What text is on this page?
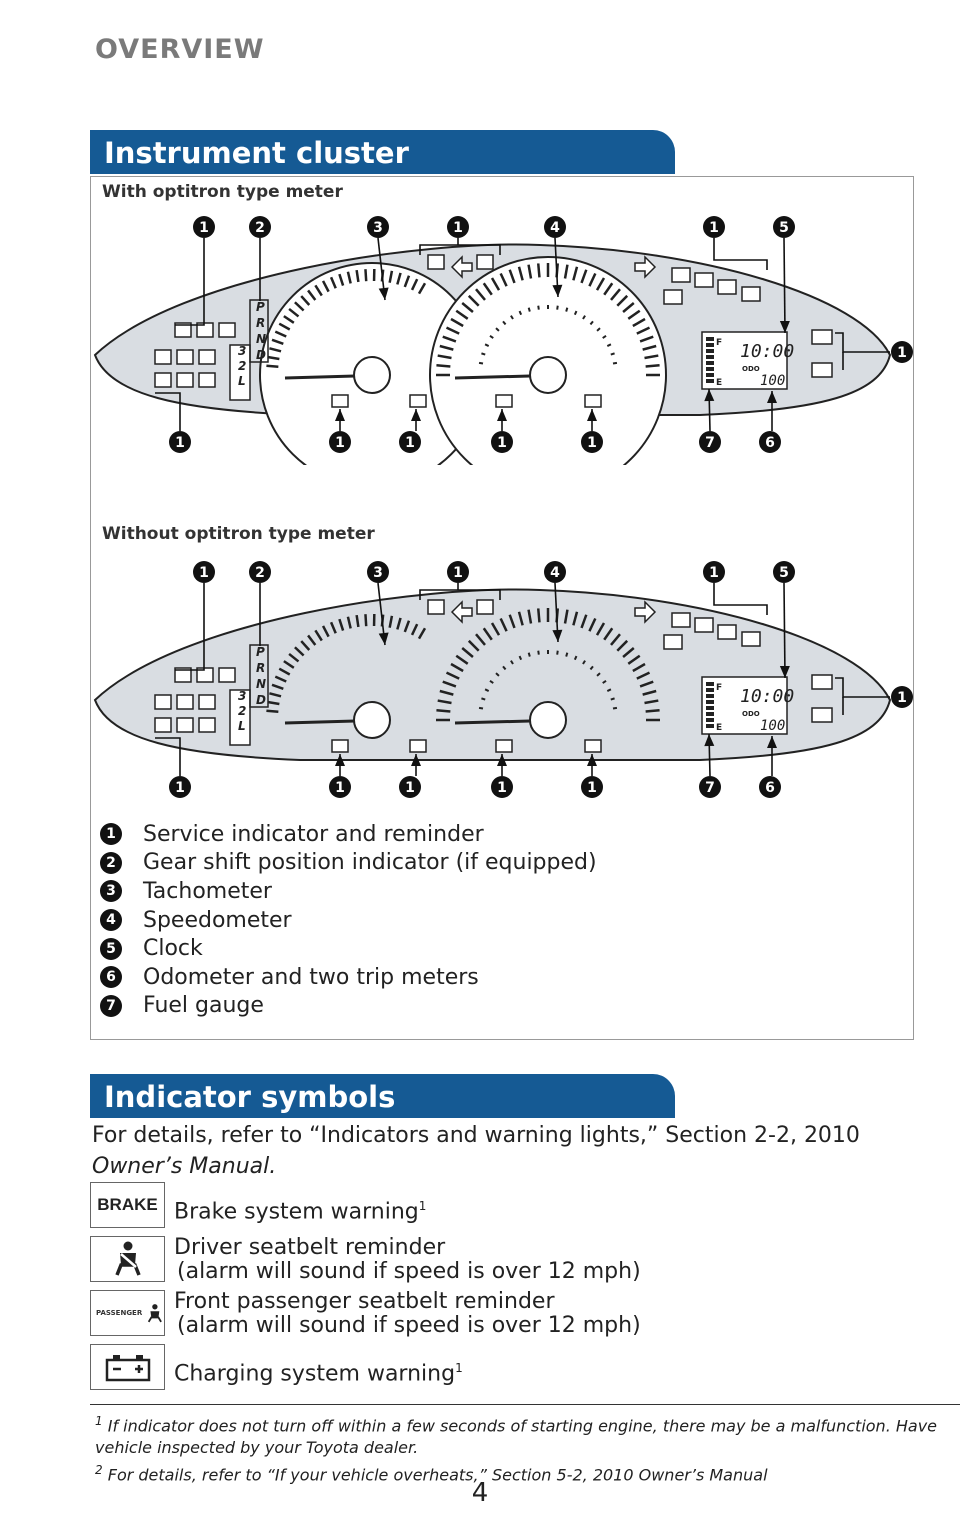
OVERVIEW
Instrument cluster
With optitron type meter
P
R
N
D
3
2
L
F
E
10:00
ODO
100
1	2	3	1	4	1	5
1
1	1	1	1	1	7	6
Without optitron type meter
P
R
N
D
3
2
L
F
E
10:00
ODO
100
1	2	3	1	4	1	5
1
1	1	1	1	1	7	6
1 Service indicator and reminder
2 Gear shift position indicator (if equipped)
3 Tachometer
4 Speedometer
5 Clock
6 Odometer and two trip meters
7 Fuel gauge
Indicator symbols
For details, refer to “Indicators and warning lights,” Section 2-2, 2010
Owner’s Manual.
BRAKE Brake system warning$^1$
Driver seatbelt reminder
(alarm will sound if speed is over 12 mph)
PASSENGER Front passenger seatbelt reminder
(alarm will sound if speed is over 12 mph)
Charging system warning$^1$
$^1$ If indicator does not turn off within a few seconds of starting engine, there may be a malfunction. Have vehicle inspected by your Toyota dealer.
$^2$ For details, refer to “If your vehicle overheats,” Section 5-2, 2010 Owner’s Manual
4
